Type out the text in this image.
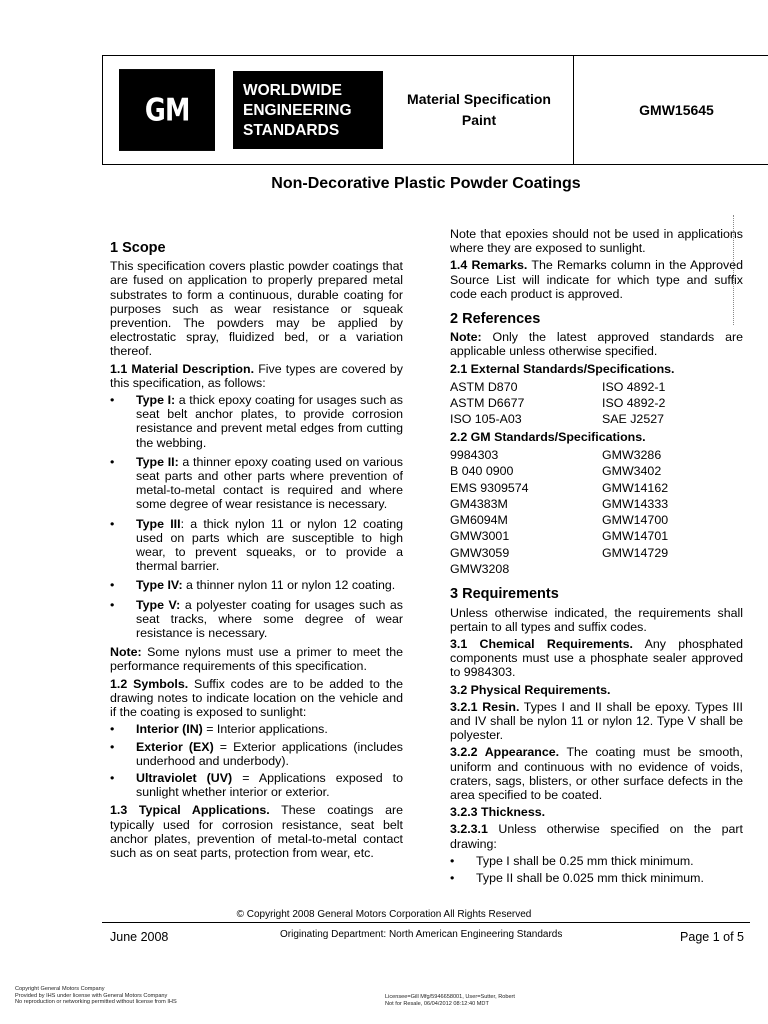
GM
WORLDWIDE
ENGINEERING
STANDARDS
Material Specification
Paint
GMW15645
Non-Decorative Plastic Powder Coatings
1 Scope

This specification covers plastic powder coatings that are fused on application to properly prepared metal substrates to form a continuous, durable coating for purposes such as wear resistance or squeak prevention. The powders may be applied by electrostatic spray, fluidized bed, or a variation thereof.

1.1 Material Description. Five types are covered by this specification, as follows:

• Type I: a thick epoxy coating for usages such as seat belt anchor plates, to provide corrosion resistance and prevent metal edges from cutting the webbing.
• Type II: a thinner epoxy coating used on various seat parts and other parts where prevention of metal-to-metal contact is required and where some degree of wear resistance is necessary.
• Type III: a thick nylon 11 or nylon 12 coating used on parts which are susceptible to high wear, to prevent squeaks, or to provide a thermal barrier.
• Type IV: a thinner nylon 11 or nylon 12 coating.
• Type V: a polyester coating for usages such as seat tracks, where some degree of wear resistance is necessary.

Note: Some nylons must use a primer to meet the performance requirements of this specification.

1.2 Symbols. Suffix codes are to be added to the drawing notes to indicate location on the vehicle and if the coating is exposed to sunlight:

• Interior (IN) = Interior applications.
• Exterior (EX) = Exterior applications (includes underhood and underbody).
• Ultraviolet (UV) = Applications exposed to sunlight whether interior or exterior.

1.3 Typical Applications. These coatings are typically used for corrosion resistance, seat belt anchor plates, prevention of metal-to-metal contact such as on seat parts, protection from wear, etc.

Note that epoxies should not be used in applications where they are exposed to sunlight.

1.4 Remarks. The Remarks column in the Approved Source List will indicate for which type and suffix code each product is approved.

2 References

Note: Only the latest approved standards are applicable unless otherwise specified.

2.1 External Standards/Specifications.

ASTM D870	ISO 4892-1
ASTM D6677	ISO 4892-2
ISO 105-A03	SAE J2527

2.2 GM Standards/Specifications.

9984303	GMW3286
B 040 0900	GMW3402
EMS 9309574	GMW14162
GM4383M	GMW14333
GM6094M	GMW14700
GMW3001	GMW14701
GMW3059	GMW14729
GMW3208
3 Requirements

Unless otherwise indicated, the requirements shall pertain to all types and suffix codes.

3.1 Chemical Requirements. Any phosphated components must use a phosphate sealer approved to 9984303.

3.2 Physical Requirements.

3.2.1 Resin. Types I and II shall be epoxy. Types III and IV shall be nylon 11 or nylon 12. Type V shall be polyester.

3.2.2 Appearance. The coating must be smooth, uniform and continuous with no evidence of voids, craters, sags, blisters, or other surface defects in the area specified to be coated.

3.2.3 Thickness.

3.2.3.1 Unless otherwise specified on the part drawing:

• Type I shall be 0.25 mm thick minimum.
• Type II shall be 0.025 mm thick minimum.
© Copyright 2008 General Motors Corporation All Rights Reserved
June 2008	Originating Department: North American Engineering Standards	Page 1 of 5
Copyright General Motors Company
Provided by IHS under license with General Motors Company
No reproduction or networking permitted without license from IHS
Licensee=Gill Mfg/5946658001, User=Sutter, Robert
Not for Resale, 06/04/2012 08:12:40 MDT
